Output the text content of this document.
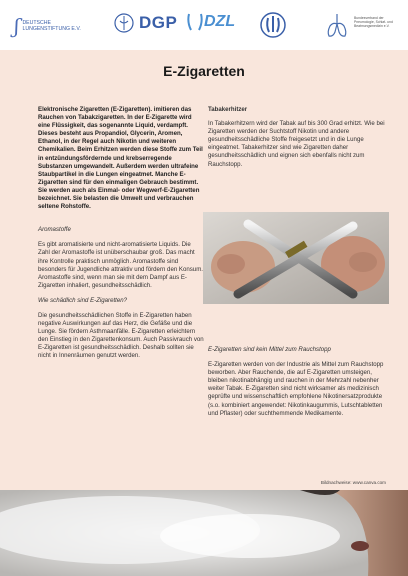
ʃ DEUTSCHE
LUNGENSTIFTUNG E.V.	DGP DZL	Bundesverband der Pneumologie, Schlaf- und Beatmungsmedizin e.V.
E-Zigaretten

Elektronische Zigaretten (E-Zigaretten). imitieren das Rauchen von Tabakzigaretten. In der E-Zigarette wird eine Flüssigkeit, das sogenannte Liquid, verdampft. Dieses besteht aus Propandiol, Glycerin, Aromen, Ethanol, in der Regel auch Nikotin und weiteren Chemikalien. Beim Erhitzen werden diese Stoffe zum Teil in entzündungsfördernde und krebserregende Substanzen umgewandelt. Außerdem werden ultrafeine Staubpartikel in die Lungen eingeatmet. Manche E-Zigaretten sind für den einmaligen Gebrauch bestimmt. Sie werden auch als Einmal- oder Wegwerf-E-Zigaretten bezeichnet. Sie belasten die Umwelt und verbrauchen seltene Rohstoffe.

Aromastoffe

Es gibt aromatisierte und nicht-aromatisierte Liquids. Die Zahl der Aromastoffe ist unüberschaubar groß. Das macht ihre Kontrolle praktisch unmöglich. Aromastoffe sind besonders für Jugendliche attraktiv und fördern den Konsum. Aromastoffe sind, wenn man sie mit dem Dampf aus E-Zigaretten inhaliert, gesundheitsschädlich.

Wie schädlich sind E-Zigaretten?

Die gesundheitsschädlichen Stoffe in E-Zigaretten haben negative Auswirkungen auf das Herz, die Gefäße und die Lunge. Sie fördern Asthmaanfälle. E-Zigaretten erleichtern den Einstieg in den Zigarettenkonsum. Auch Passivrauch von E-Zigaretten ist gesundheitsschädlich. Deshalb sollten sie nicht in Innenräumen genutzt werden.

Tabakerhitzer

In Tabakerhitzern wird der Tabak auf bis 300 Grad erhitzt. Wie bei Zigaretten werden der Suchtstoff Nikotin und andere gesundheitsschädliche Stoffe freigesetzt und in die Lunge eingeatmet. Tabakerhitzer sind wie Zigaretten daher gesundheitsschädlich und eignen sich ebenfalls nicht zum Rauchstopp.

E-Zigaretten sind kein Mittel zum Rauchstopp

E-Zigaretten werden von der Industrie als Mittel zum Rauchstopp beworben. Aber Rauchende, die auf E-Zigaretten umsteigen, bleiben nikotinabhängig und rauchen in der Mehrzahl nebenher weiter Tabak. E-Zigaretten sind nicht wirksamer als medizinisch geprüfte und wissenschaftlich empfohlene Nikotinersatzprodukte (s.o. kombiniert angewendet: Nikotinkaugummis, Lutschtabletten und Pflaster) oder suchthemmende Medikamente.

Bildnachweise: www.canva.com
